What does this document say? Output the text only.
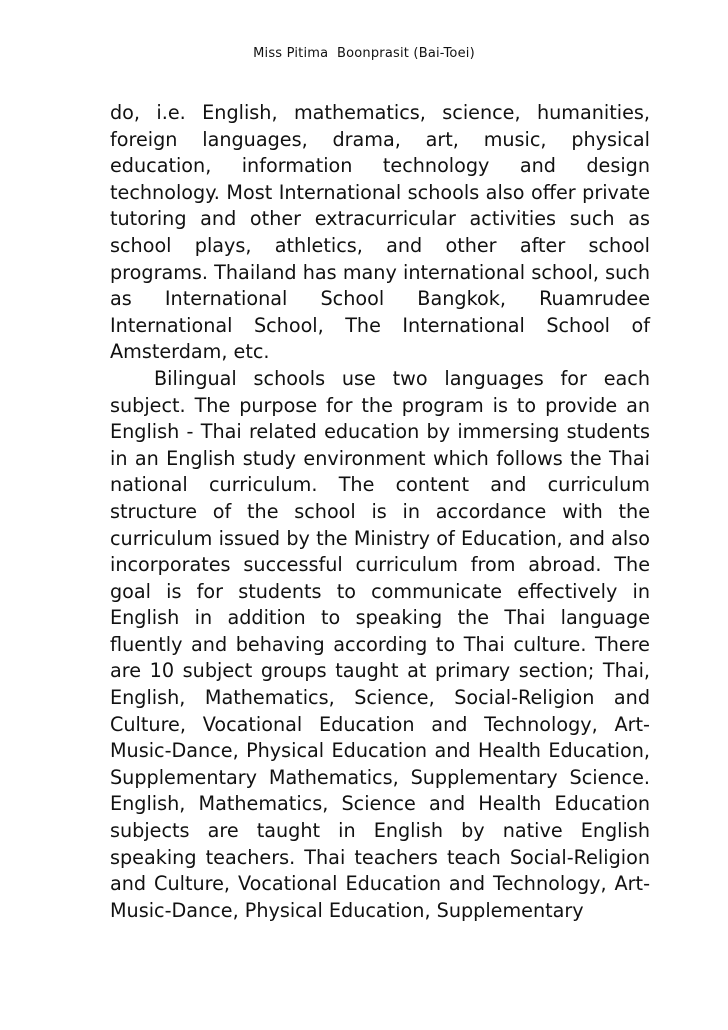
Miss Pitima  Boonprasit (Bai-Toei)

do, i.e. English, mathematics, science, humanities, foreign languages, drama, art, music, physical education, information technology and design technology. Most International schools also offer private tutoring and other extracurricular activities such as school plays, athletics, and other after school programs. Thailand has many international school, such as International School Bangkok, Ruamrudee International School, The International School of Amsterdam, etc.

Bilingual schools use two languages for each subject. The purpose for the program is to provide an English - Thai related education by immersing students in an English study environment which follows the Thai national curriculum. The content and curriculum structure of the school is in accordance with the curriculum issued by the Ministry of Education, and also incorporates successful curriculum from abroad. The goal is for students to communicate effectively in English in addition to speaking the Thai language fluently and behaving according to Thai culture. There are 10 subject groups taught at primary section; Thai, English, Mathematics, Science, Social-Religion and Culture, Vocational Education and Technology, Art-Music-Dance, Physical Education and Health Education, Supplementary Mathematics, Supplementary Science. English, Mathematics, Science and Health Education subjects are taught in English by native English speaking teachers. Thai teachers teach Social-Religion and Culture, Vocational Education and Technology, Art-Music-Dance, Physical Education, Supplementary
